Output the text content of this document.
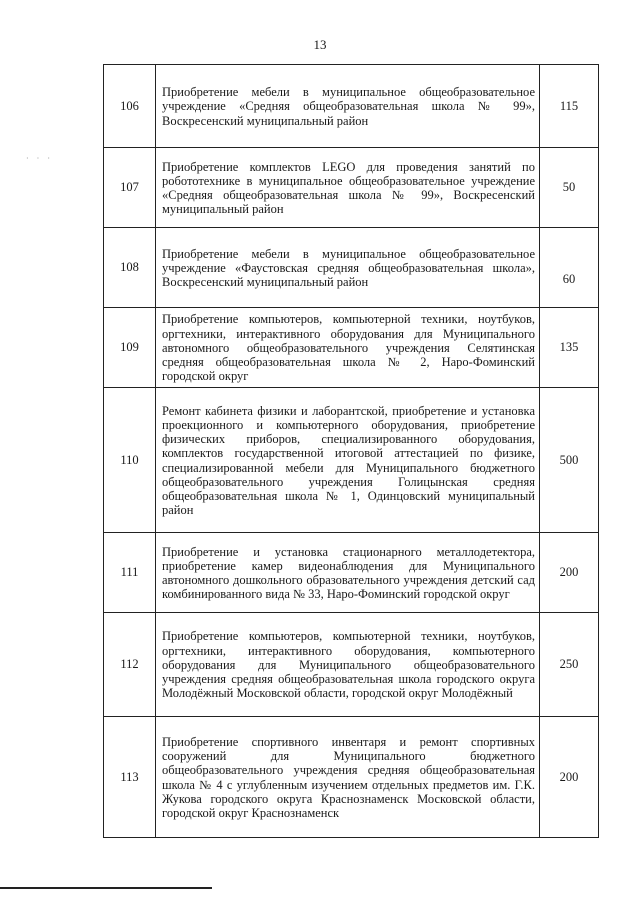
13
· · ·
106	Приобретение мебели в муниципальное общеобразовательное учреждение «Средняя общеобразовательная школа № 99», Воскресенский муниципальный район	115
107	Приобретение комплектов LEGO для проведения занятий по робототехнике в муниципальное общеобразовательное учреждение «Средняя общеобразовательная школа № 99», Воскресенский муниципальный район	50
108	Приобретение мебели в муниципальное общеобразовательное учреждение «Фаустовская средняя общеобразовательная школа», Воскресенский муниципальный район	60
109	Приобретение компьютеров, компьютерной техники, ноутбуков, оргтехники, интерактивного оборудования для Муниципального автономного общеобразовательного учреждения Селятинская средняя общеобразовательная школа № 2, Наро-Фоминский городской округ	135
110	Ремонт кабинета физики и лаборантской, приобретение и установка проекционного и компьютерного оборудования, приобретение физических приборов, специализированного оборудования, комплектов государственной итоговой аттестацией по физике, специализированной мебели для Муниципального бюджетного общеобразовательного учреждения Голицынская средняя общеобразовательная школа № 1, Одинцовский муниципальный район	500
111	Приобретение и установка стационарного металлодетектора, приобретение камер видеонаблюдения для Муниципального автономного дошкольного образовательного учреждения детский сад комбинированного вида № 33, Наро-Фоминский городской округ	200
112	Приобретение компьютеров, компьютерной техники, ноутбуков, оргтехники, интерактивного оборудования, компьютерного оборудования для Муниципального общеобразовательного учреждения средняя общеобразовательная школа городского округа Молодёжный Московской области, городской округ Молодёжный	250
113	Приобретение спортивного инвентаря и ремонт спортивных сооружений для Муниципального бюджетного общеобразовательного учреждения средняя общеобразовательная школа № 4 с углубленным изучением отдельных предметов им. Г.К. Жукова городского округа Краснознаменск Московской области, городской округ Краснознаменск	200
